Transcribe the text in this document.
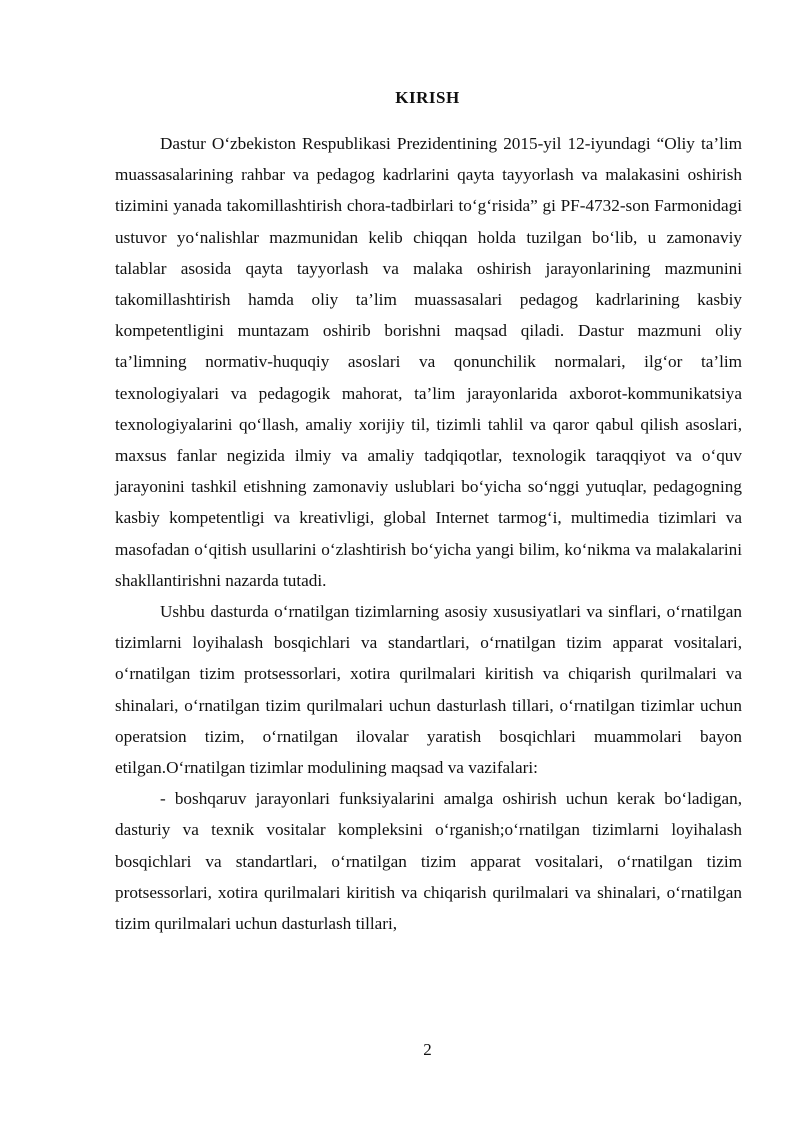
KIRISH

Dastur O‘zbekiston Respublikasi Prezidentining 2015-yil 12-iyundagi “Oliy ta’lim muassasalarining rahbar va pedagog kadrlarini qayta tayyorlash va malakasini oshirish tizimini yanada takomillashtirish chora-tadbirlari to‘g‘risida” gi PF-4732-son Farmonidagi ustuvor yo‘nalishlar mazmunidan kelib chiqqan holda tuzilgan bo‘lib, u zamonaviy talablar asosida qayta tayyorlash va malaka oshirish jarayonlarining mazmunini takomillashtirish hamda oliy ta’lim muassasalari pedagog kadrlarining kasbiy kompetentligini muntazam oshirib borishni maqsad qiladi. Dastur mazmuni oliy ta’limning normativ-huquqiy asoslari va qonunchilik normalari, ilg‘or ta’lim texnologiyalari va pedagogik mahorat, ta’lim jarayonlarida axborot-kommunikatsiya texnologiyalarini qo‘llash, amaliy xorijiy til, tizimli tahlil va qaror qabul qilish asoslari, maxsus fanlar negizida ilmiy va amaliy tadqiqotlar, texnologik taraqqiyot va o‘quv jarayonini tashkil etishning zamonaviy uslublari bo‘yicha so‘nggi yutuqlar, pedagogning kasbiy kompetentligi va kreativligi, global Internet tarmog‘i, multimedia tizimlari va masofadan o‘qitish usullarini o‘zlashtirish bo‘yicha yangi bilim, ko‘nikma va malakalarini shakllantirishni nazarda tutadi.

Ushbu dasturda o‘rnatilgan tizimlarning asosiy xususiyatlari va sinflari, o‘rnatilgan tizimlarni loyihalash bosqichlari va standartlari, o‘rnatilgan tizim apparat vositalari, o‘rnatilgan tizim protsessorlari, xotira qurilmalari kiritish va chiqarish qurilmalari va shinalari, o‘rnatilgan tizim qurilmalari uchun dasturlash tillari, o‘rnatilgan tizimlar uchun operatsion tizim, o‘rnatilgan ilovalar yaratish bosqichlari muammolari bayon etilgan.O‘rnatilgan tizimlar modulining maqsad va vazifalari:

- boshqaruv jarayonlari funksiyalarini amalga oshirish uchun kerak bo‘ladigan, dasturiy va texnik vositalar kompleksini o‘rganish;o‘rnatilgan tizimlarni loyihalash bosqichlari va standartlari, o‘rnatilgan tizim apparat vositalari, o‘rnatilgan tizim protsessorlari, xotira qurilmalari kiritish va chiqarish qurilmalari va shinalari, o‘rnatilgan tizim qurilmalari uchun dasturlash tillari,

2
